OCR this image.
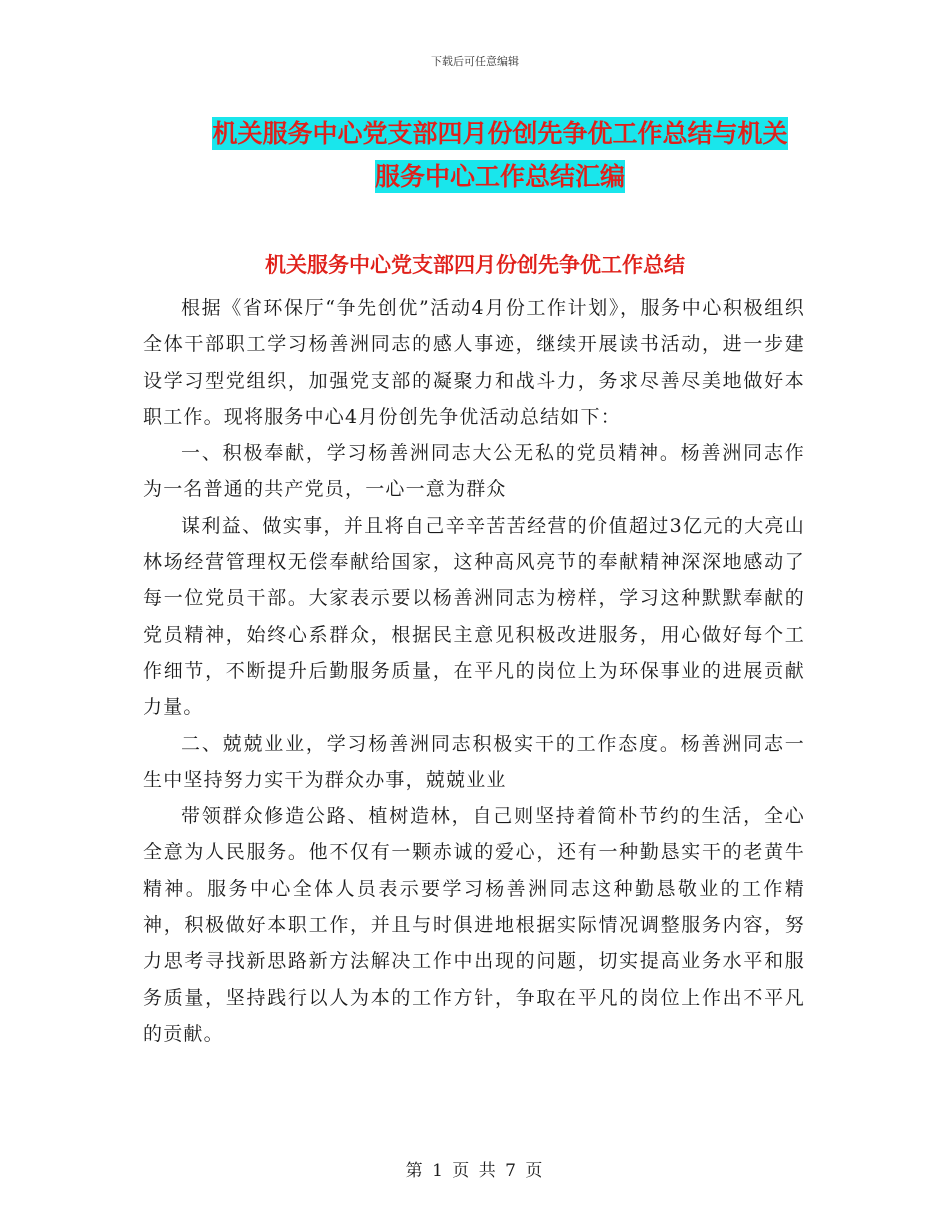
下载后可任意编辑
机关服务中心党支部四月份创先争优工作总结与机关
服务中心工作总结汇编
机关服务中心党支部四月份创先争优工作总结

根据《省环保厅“争先创优”活动4月份工作计划》，服务中心积极组织全体干部职工学习杨善洲同志的感人事迹，继续开展读书活动，进一步建设学习型党组织，加强党支部的凝聚力和战斗力，务求尽善尽美地做好本职工作。现将服务中心4月份创先争优活动总结如下：

一、积极奉献，学习杨善洲同志大公无私的党员精神。杨善洲同志作为一名普通的共产党员，一心一意为群众

谋利益、做实事，并且将自己辛辛苦苦经营的价值超过3亿元的大亮山林场经营管理权无偿奉献给国家，这种高风亮节的奉献精神深深地感动了每一位党员干部。大家表示要以杨善洲同志为榜样，学习这种默默奉献的党员精神，始终心系群众，根据民主意见积极改进服务，用心做好每个工作细节，不断提升后勤服务质量，在平凡的岗位上为环保事业的进展贡献力量。

二、兢兢业业，学习杨善洲同志积极实干的工作态度。杨善洲同志一生中坚持努力实干为群众办事，兢兢业业

带领群众修造公路、植树造林，自己则坚持着简朴节约的生活，全心全意为人民服务。他不仅有一颗赤诚的爱心，还有一种勤恳实干的老黄牛精神。服务中心全体人员表示要学习杨善洲同志这种勤恳敬业的工作精神，积极做好本职工作，并且与时俱进地根据实际情况调整服务内容，努力思考寻找新思路新方法解决工作中出现的问题，切实提高业务水平和服务质量，坚持践行以人为本的工作方针，争取在平凡的岗位上作出不平凡的贡献。

第 1 页 共 7 页
